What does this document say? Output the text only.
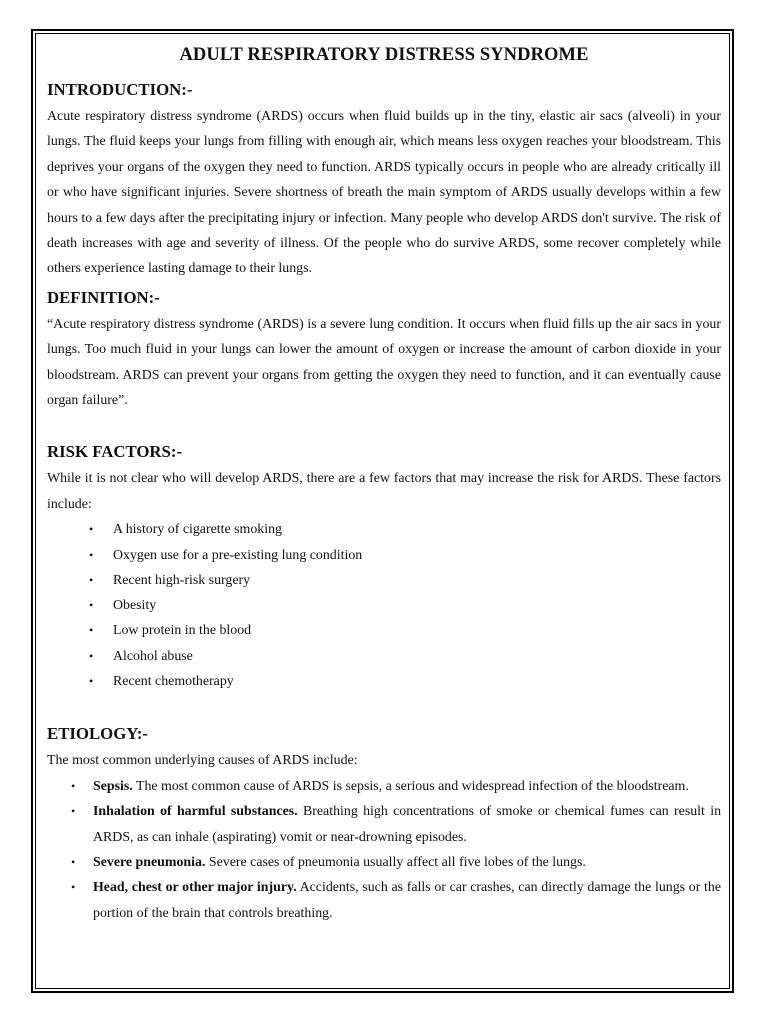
ADULT RESPIRATORY DISTRESS SYNDROME
INTRODUCTION:-

Acute respiratory distress syndrome (ARDS) occurs when fluid builds up in the tiny, elastic air sacs (alveoli) in your lungs. The fluid keeps your lungs from filling with enough air, which means less oxygen reaches your bloodstream. This deprives your organs of the oxygen they need to function. ARDS typically occurs in people who are already critically ill or who have significant injuries. Severe shortness of breath the main symptom of ARDS usually develops within a few hours to a few days after the precipitating injury or infection. Many people who develop ARDS don't survive. The risk of death increases with age and severity of illness. Of the people who do survive ARDS, some recover completely while others experience lasting damage to their lungs.

DEFINITION:-

“Acute respiratory distress syndrome (ARDS) is a severe lung condition. It occurs when fluid fills up the air sacs in your lungs. Too much fluid in your lungs can lower the amount of oxygen or increase the amount of carbon dioxide in your bloodstream. ARDS can prevent your organs from getting the oxygen they need to function, and it can eventually cause organ failure”.

RISK FACTORS:-

While it is not clear who will develop ARDS, there are a few factors that may increase the risk for ARDS. These factors include:

• A history of cigarette smoking
• Oxygen use for a pre-existing lung condition
• Recent high-risk surgery
• Obesity
• Low protein in the blood
• Alcohol abuse
• Recent chemotherapy
ETIOLOGY:-

The most common underlying causes of ARDS include:

• Sepsis. The most common cause of ARDS is sepsis, a serious and widespread infection of the bloodstream.
• Inhalation of harmful substances. Breathing high concentrations of smoke or chemical fumes can result in ARDS, as can inhale (aspirating) vomit or near-drowning episodes.
• Severe pneumonia. Severe cases of pneumonia usually affect all five lobes of the lungs.
• Head, chest or other major injury. Accidents, such as falls or car crashes, can directly damage the lungs or the portion of the brain that controls breathing.
